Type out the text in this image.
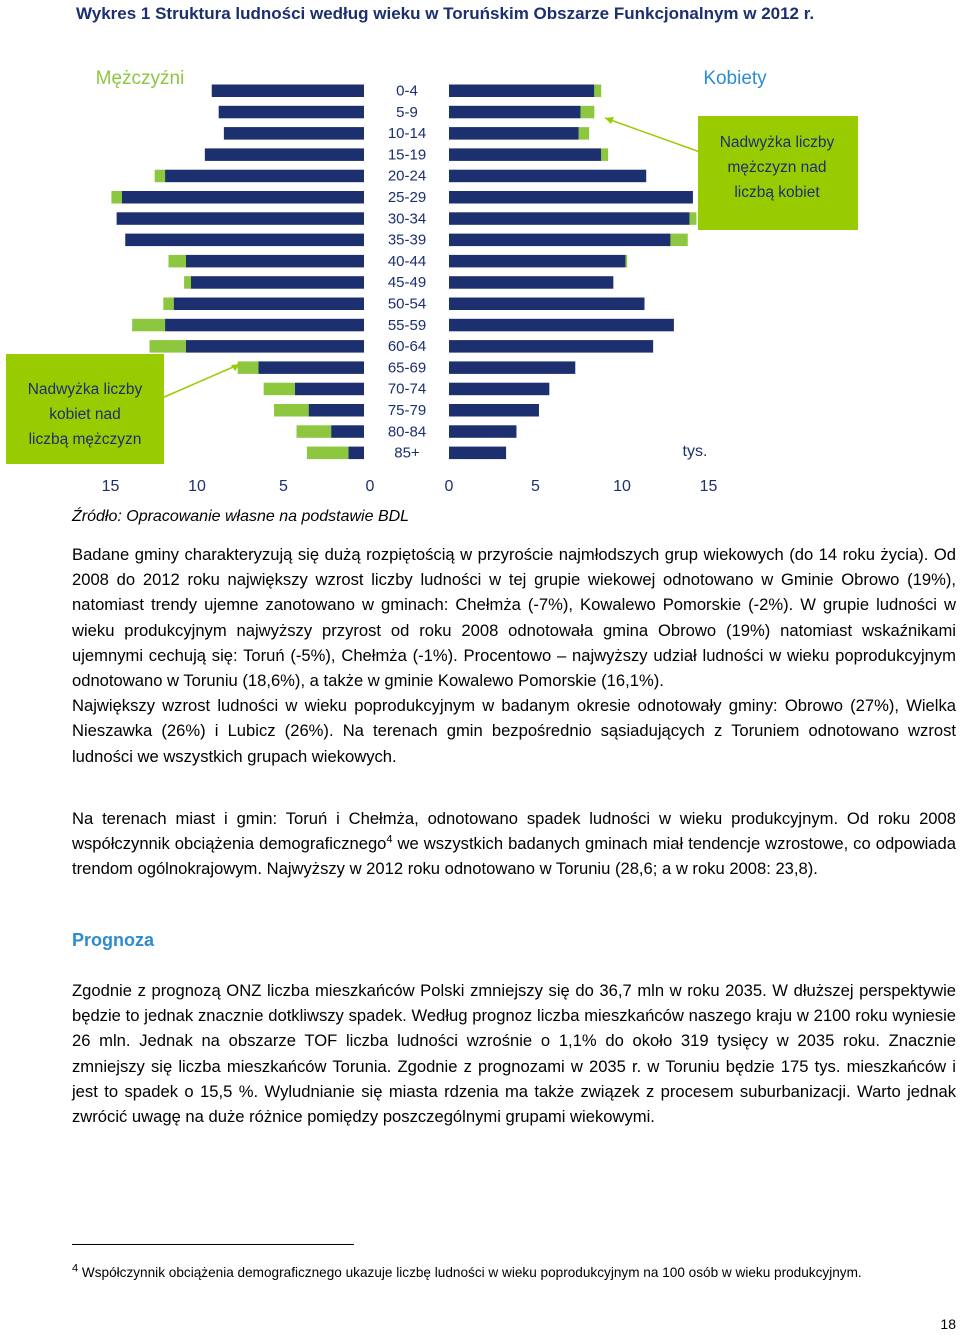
Wykres 1 Struktura ludności według wieku w Toruńskim Obszarze Funkcjonalnym w 2012 r.
0-4
5-9
10-14
15-19
20-24
25-29
30-34
35-39
40-44
45-49
50-54
55-59
60-64
65-69
70-74
75-79
80-84
85+
15	10	5	0	0	5	10	15
Mężczyźni	Kobiety
tys.
Nadwyżka liczby
kobiet nad
liczbą mężczyzn
Nadwyżka liczby
mężczyzn nad
liczbą kobiet
Źródło: Opracowanie własne na podstawie BDL

Badane gminy charakteryzują się dużą rozpiętością w przyroście najmłodszych grup wiekowych (do 14 roku życia). Od 2008 do 2012 roku największy wzrost liczby ludności w tej grupie wiekowej odnotowano w Gminie Obrowo (19%), natomiast trendy ujemne zanotowano w gminach: Chełmża (-7%), Kowalewo Pomorskie (-2%). W grupie ludności w wieku produkcyjnym najwyższy przyrost od roku 2008 odnotowała gmina Obrowo (19%) natomiast wskaźnikami ujemnymi cechują się: Toruń (-5%), Chełmża (-1%). Procentowo – najwyższy udział ludności w wieku poprodukcyjnym odnotowano w Toruniu (18,6%), a także w gminie Kowalewo Pomorskie (16,1%).

Największy wzrost ludności w wieku poprodukcyjnym w badanym okresie odnotowały gminy: Obrowo (27%), Wielka Nieszawka (26%) i Lubicz (26%). Na terenach gmin bezpośrednio sąsiadujących z Toruniem odnotowano wzrost ludności we wszystkich grupach wiekowych.

Na terenach miast i gmin: Toruń i Chełmża, odnotowano spadek ludności w wieku produkcyjnym. Od roku 2008 współczynnik obciążenia demograficznego$^4$ we wszystkich badanych gminach miał tendencje wzrostowe, co odpowiada trendom ogólnokrajowym. Najwyższy w 2012 roku odnotowano w Toruniu (28,6; a w roku 2008: 23,8).

Prognoza

Zgodnie z prognozą ONZ liczba mieszkańców Polski zmniejszy się do 36,7 mln w roku 2035. W dłuższej perspektywie będzie to jednak znacznie dotkliwszy spadek. Według prognoz liczba mieszkańców naszego kraju w 2100 roku wyniesie 26 mln. Jednak na obszarze TOF liczba ludności wzrośnie o 1,1% do około 319 tysięcy w 2035 roku. Znacznie zmniejszy się liczba mieszkańców Torunia. Zgodnie z prognozami w 2035 r. w Toruniu będzie 175 tys. mieszkańców i jest to spadek o 15,5 %. Wyludnianie się miasta rdzenia ma także związek z procesem suburbanizacji. Warto jednak zwrócić uwagę na duże różnice pomiędzy poszczególnymi grupami wiekowymi.

$^4$ Współczynnik obciążenia demograficznego ukazuje liczbę ludności w wieku poprodukcyjnym na 100 osób w wieku produkcyjnym.
18
